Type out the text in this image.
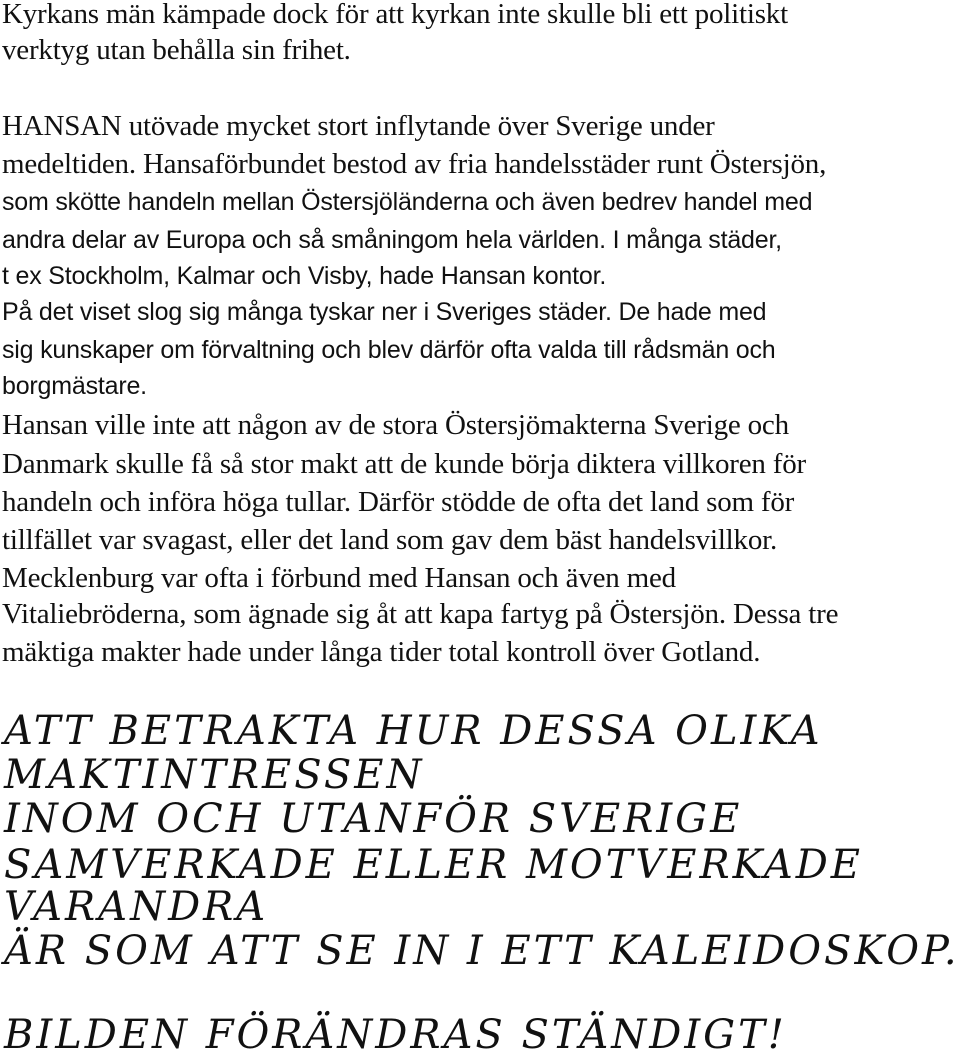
Kyrkans män kämpade dock för att kyrkan inte skulle bli ett politiskt
verktyg utan behålla sin frihet.
HANSAN utövade mycket stort inflytande över Sverige under
medeltiden. Hansaförbundet bestod av fria handelsstäder runt Östersjön,
som skötte handeln mellan Östersjöländerna och även bedrev handel med
andra delar av Europa och så småningom hela världen. I många städer,
t ex Stockholm, Kalmar och Visby, hade Hansan kontor.
På det viset slog sig många tyskar ner i Sveriges städer. De hade med
sig kunskaper om förvaltning och blev därför ofta valda till rådsmän och
borgmästare.
Hansan ville inte att någon av de stora Östersjömakterna Sverige och
Danmark skulle få så stor makt att de kunde börja diktera villkoren för
handeln och införa höga tullar. Därför stödde de ofta det land som för
tillfället var svagast, eller det land som gav dem bäst handelsvillkor.
Mecklenburg var ofta i förbund med Hansan och även med
Vitaliebröderna, som ägnade sig åt att kapa fartyg på Östersjön. Dessa tre
mäktiga makter hade under långa tider total kontroll över Gotland.
ATT BETRAKTA HUR DESSA OLIKA
MAKTINTRESSEN
INOM OCH UTANFÖR SVERIGE
SAMVERKADE ELLER MOTVERKADE
VARANDRA
ÄR SOM ATT SE IN I ETT KALEIDOSKOP.
BILDEN FÖRÄNDRAS STÄNDIGT!
